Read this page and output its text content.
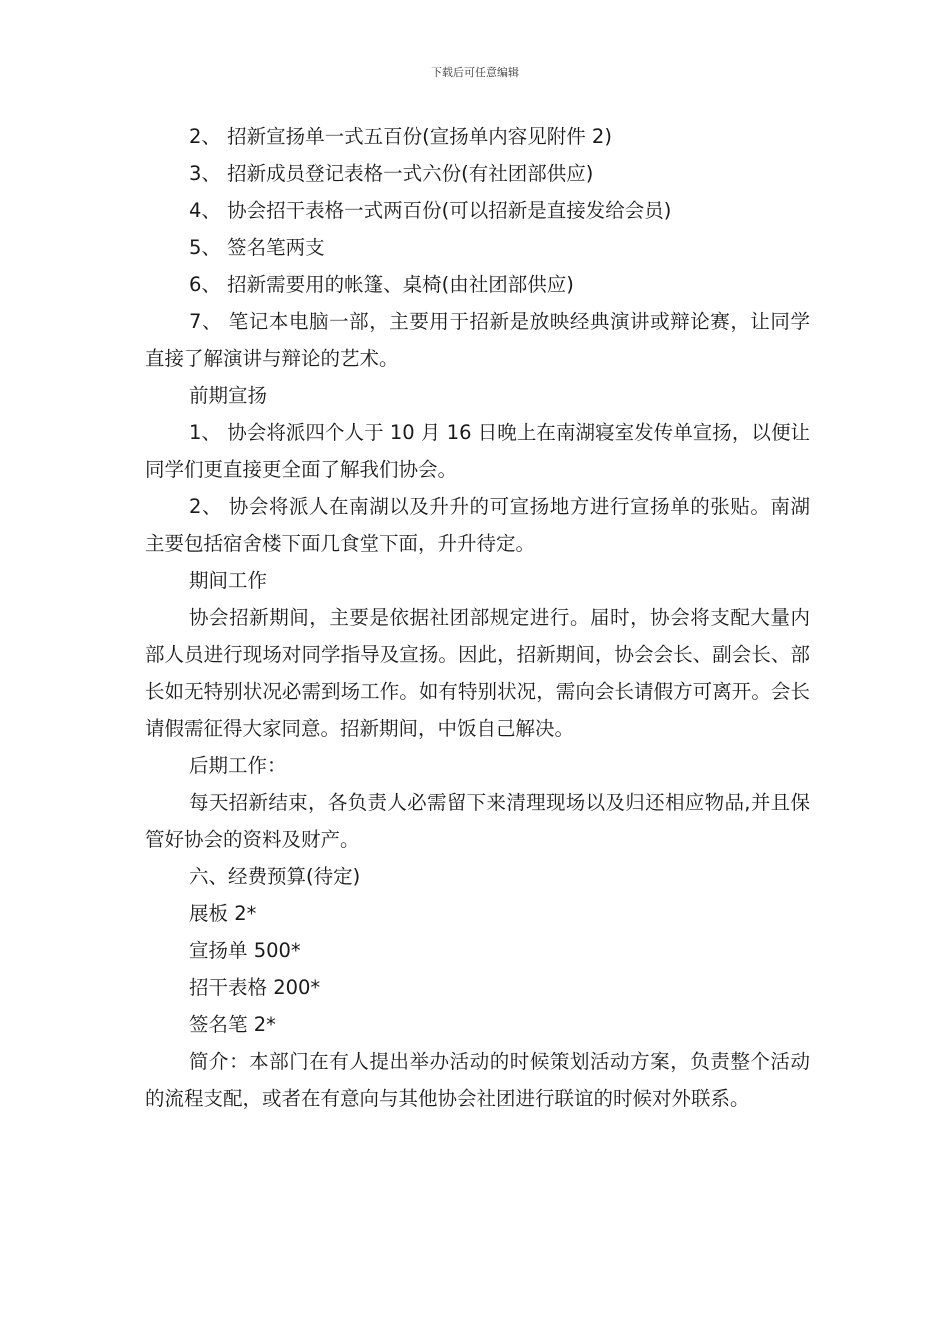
下载后可任意编辑

2、 招新宣扬单一式五百份(宣扬单内容见附件 2)

3、 招新成员登记表格一式六份(有社团部供应)

4、 协会招干表格一式两百份(可以招新是直接发给会员)

5、 签名笔两支

6、 招新需要用的帐篷、桌椅(由社团部供应)

7、 笔记本电脑一部，主要用于招新是放映经典演讲或辩论赛，让同学直接了解演讲与辩论的艺术。

前期宣扬

1、 协会将派四个人于 10 月 16 日晚上在南湖寝室发传单宣扬，以便让同学们更直接更全面了解我们协会。

2、 协会将派人在南湖以及升升的可宣扬地方进行宣扬单的张贴。南湖主要包括宿舍楼下面几食堂下面，升升待定。

期间工作

协会招新期间，主要是依据社团部规定进行。届时，协会将支配大量内部人员进行现场对同学指导及宣扬。因此，招新期间，协会会长、副会长、部长如无特别状况必需到场工作。如有特别状况，需向会长请假方可离开。会长请假需征得大家同意。招新期间，中饭自己解决。

后期工作：

每天招新结束，各负责人必需留下来清理现场以及归还相应物品,并且保管好协会的资料及财产。

六、经费预算(待定)

展板 2*

宣扬单 500*

招干表格 200*

签名笔 2*

简介：本部门在有人提出举办活动的时候策划活动方案，负责整个活动的流程支配，或者在有意向与其他协会社团进行联谊的时候对外联系。
